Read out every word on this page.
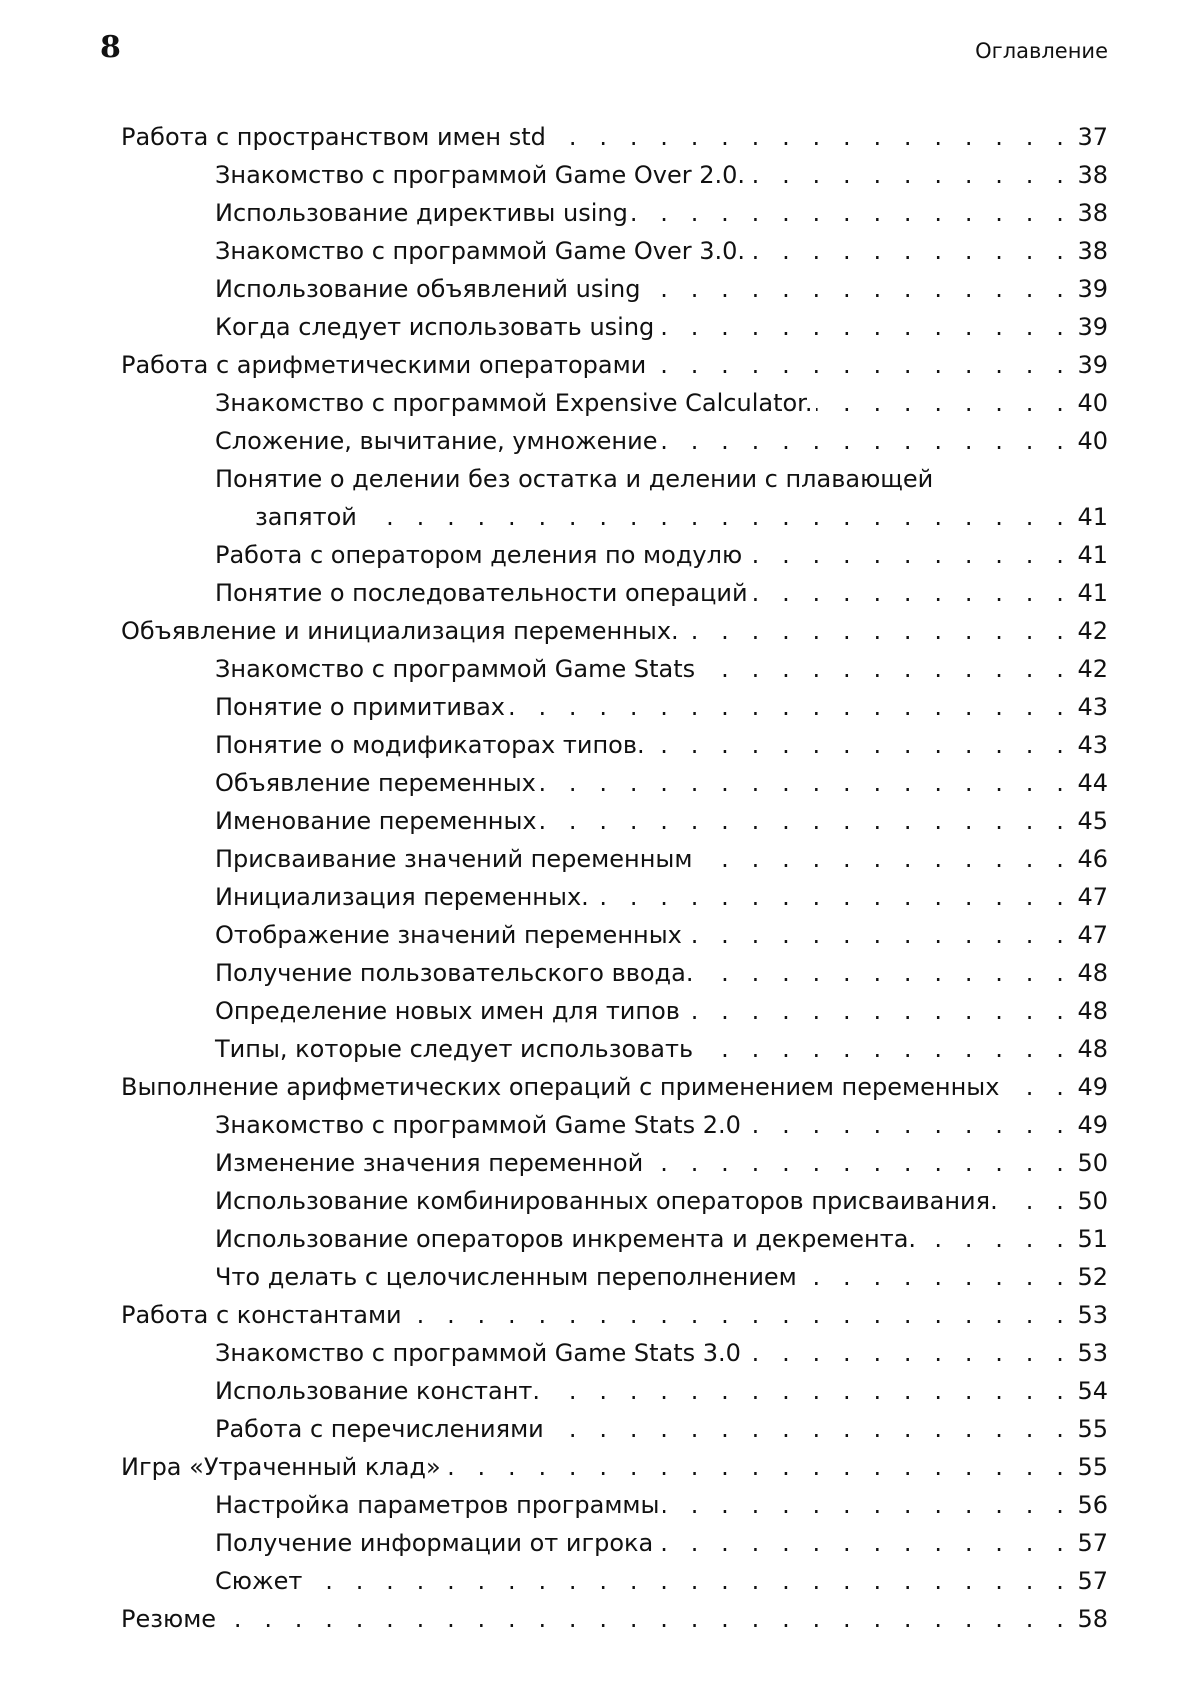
8	Оглавление
Работа с пространством имен std . . .	37
Знакомство с программой Game Over 2.0. . . .	38
Использование директивы using . . .	38
Знакомство с программой Game Over 3.0. . . .	38
Использование объявлений using . . .	39
Когда следует использовать using . . .	39
Работа с арифметическими операторами . . .	39
Знакомство с программой Expensive Calculator. . . .	40
Сложение, вычитание, умножение . . .	40
Понятие о делении без остатка и делении с плавающей
запятой . . .	41
Работа с оператором деления по модулю . . .	41
Понятие о последовательности операций . . .	41
Объявление и инициализация переменных. . . .	42
Знакомство с программой Game Stats . . .	42
Понятие о примитивах . . .	43
Понятие о модификаторах типов. . . .	43
Объявление переменных . . .	44
Именование переменных . . .	45
Присваивание значений переменным . . .	46
Инициализация переменных. . . .	47
Отображение значений переменных . . .	47
Получение пользовательского ввода. . . .	48
Определение новых имен для типов . . .	48
Типы, которые следует использовать . . .	48
Выполнение арифметических операций с применением переменных . . .	49
Знакомство с программой Game Stats 2.0 . . .	49
Изменение значения переменной . . .	50
Использование комбинированных операторов присваивания. . . .	50
Использование операторов инкремента и декремента. . . .	51
Что делать с целочисленным переполнением . . .	52
Работа с константами . . .	53
Знакомство с программой Game Stats 3.0 . . .	53
Использование констант. . . .	54
Работа с перечислениями . . .	55
Игра «Утраченный клад» . . .	55
Настройка параметров программы . . .	56
Получение информации от игрока . . .	57
Сюжет . . .	57
Резюме . . .	58
